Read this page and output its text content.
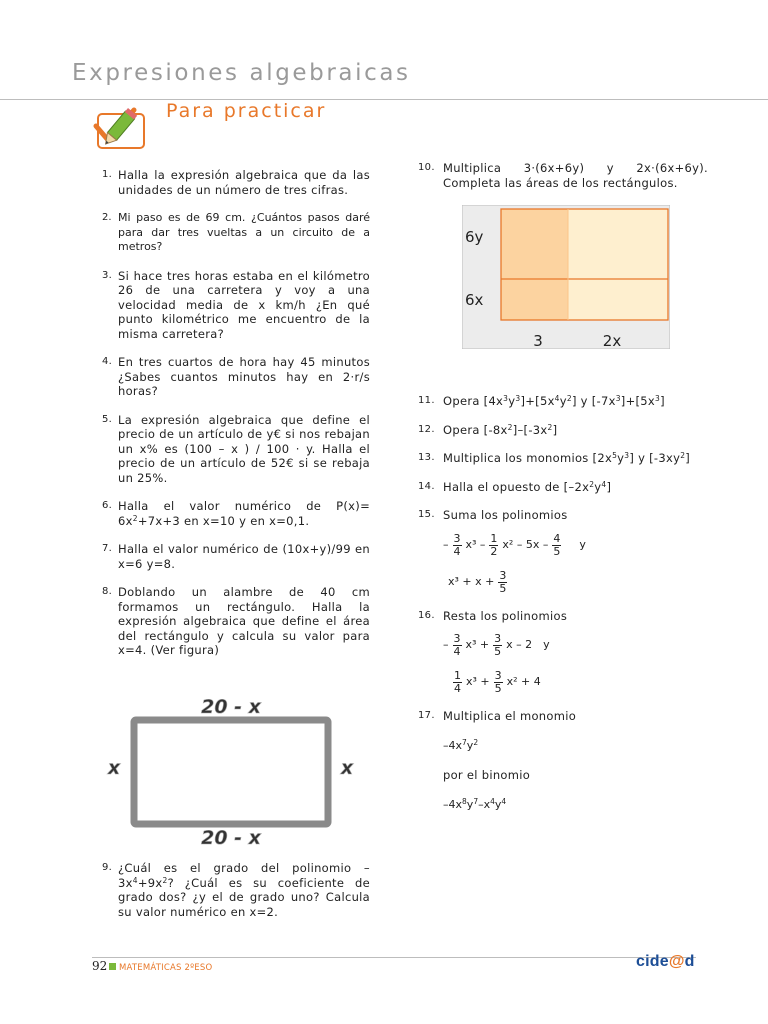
Expresiones algebraicas
Para practicar
1. Halla la expresión algebraica que da las unidades de un número de tres cifras.
2. Mi paso es de 69 cm. ¿Cuántos pasos daré para dar tres vueltas a un circuito de a metros?
3. Si hace tres horas estaba en el kilómetro 26 de una carretera y voy a una velocidad media de x km/h ¿En qué punto kilométrico me encuentro de la misma carretera?
4. En tres cuartos de hora hay 45 minutos ¿Sabes cuantos minutos hay en 2·r/s horas?
5. La expresión algebraica que define el precio de un artículo de y€ si nos rebajan un x% es (100 – x ) / 100 · y. Halla el precio de un artículo de 52€ si se rebaja un 25%.
6. Halla el valor numérico de $P(x)= 6x^2+7x+3$ en x=10 y en x=0,1.
7. Halla el valor numérico de (10x+y)/99 en x=6 y=8.
8. Doblando un alambre de 40 cm formamos un rectángulo. Halla la expresión algebraica que define el área del rectángulo y calcula su valor para x=4. (Ver figura)
20 - x
20 - x
x	x
9. ¿Cuál es el grado del polinomio $-3x^4+9x^2$? ¿Cuál es su coeficiente de grado dos? ¿y el de grado uno? Calcula su valor numérico en x=2.
10. Multiplica 3·(6x+6y) y 2x·(6x+6y). Completa las áreas de los rectángulos.
6y
6x
3	2x
11. Opera $[4x^3y^3]+[5x^4y^2]$ y $[-7x^3]+[5x^3]$
12. Opera $[-8x^2]-[-3x^2]$
13. Multiplica los monomios $[2x^5y^3]$ y $[-3xy^2]$
14. Halla el opuesto de $[-2x^2y^4]$
15. Suma los polinomios
– $\frac{3}{4} x^3 - \frac{1}{2} x^2 - 5x - \frac{4}{5}$ y
$x^3 + x + \frac{3}{5}$
16. Resta los polinomios
– $\frac{3}{4} x^3 + \frac{3}{5}$ x – 2 y
$\frac{1}{4} x^3 + \frac{3}{5} x^2 + 4$
17. Multiplica el monomio
$-4x^7y^2$
por el binomio
$-4x^8y^7-x^4y^4$
92 MATEMÁTICAS 2ºESO	cide@d
